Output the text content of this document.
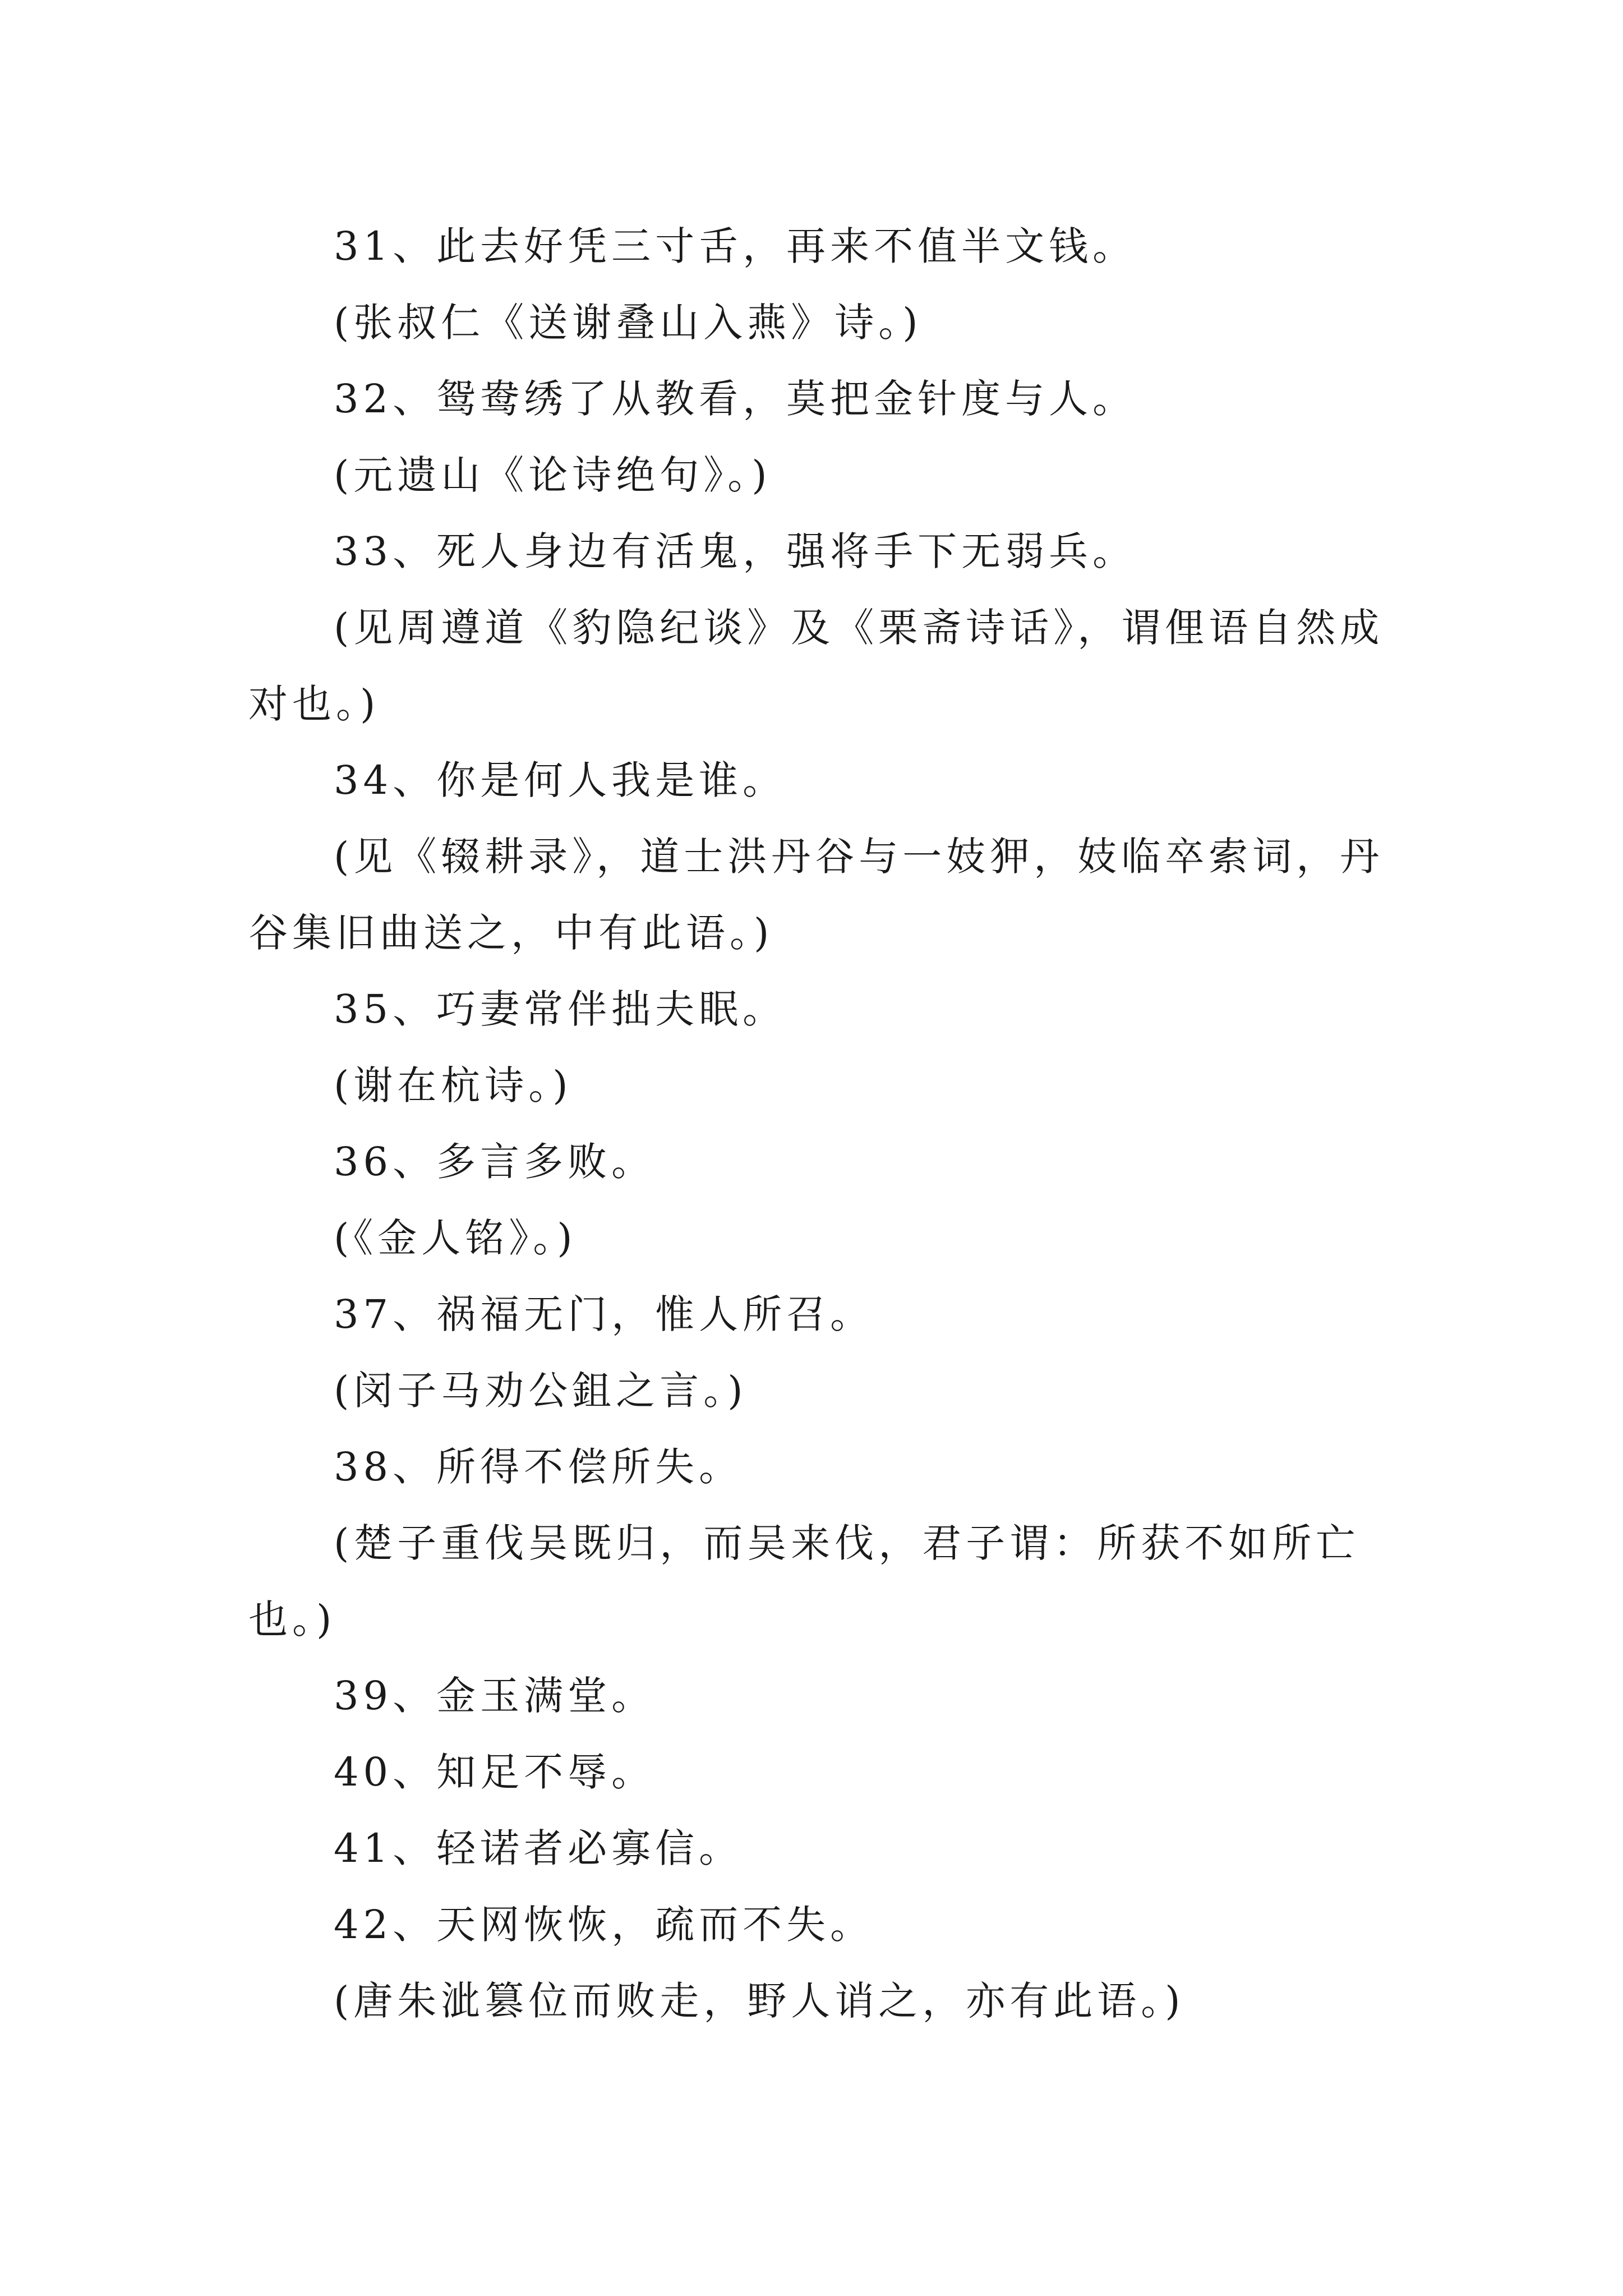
31、此去好凭三寸舌，再来不值半文钱。

(张叔仁《送谢叠山入燕》诗。)

32、鸳鸯绣了从教看，莫把金针度与人。

(元遗山《论诗绝句》。)

33、死人身边有活鬼，强将手下无弱兵。

(见周遵道《豹隐纪谈》及《栗斋诗话》，谓俚语自然成对也。)

34、你是何人我是谁。

(见《辍耕录》，道士洪丹谷与一妓狎，妓临卒索词，丹谷集旧曲送之，中有此语。)

35、巧妻常伴拙夫眠。

(谢在杭诗。)

36、多言多败。

(《金人铭》。)

37、祸福无门，惟人所召。

(闵子马劝公鉏之言。)

38、所得不偿所失。

(楚子重伐吴既归，而吴来伐，君子谓：所获不如所亡也。)

39、金玉满堂。

40、知足不辱。

41、轻诺者必寡信。

42、天网恢恢，疏而不失。

(唐朱泚篡位而败走，野人诮之，亦有此语。)
